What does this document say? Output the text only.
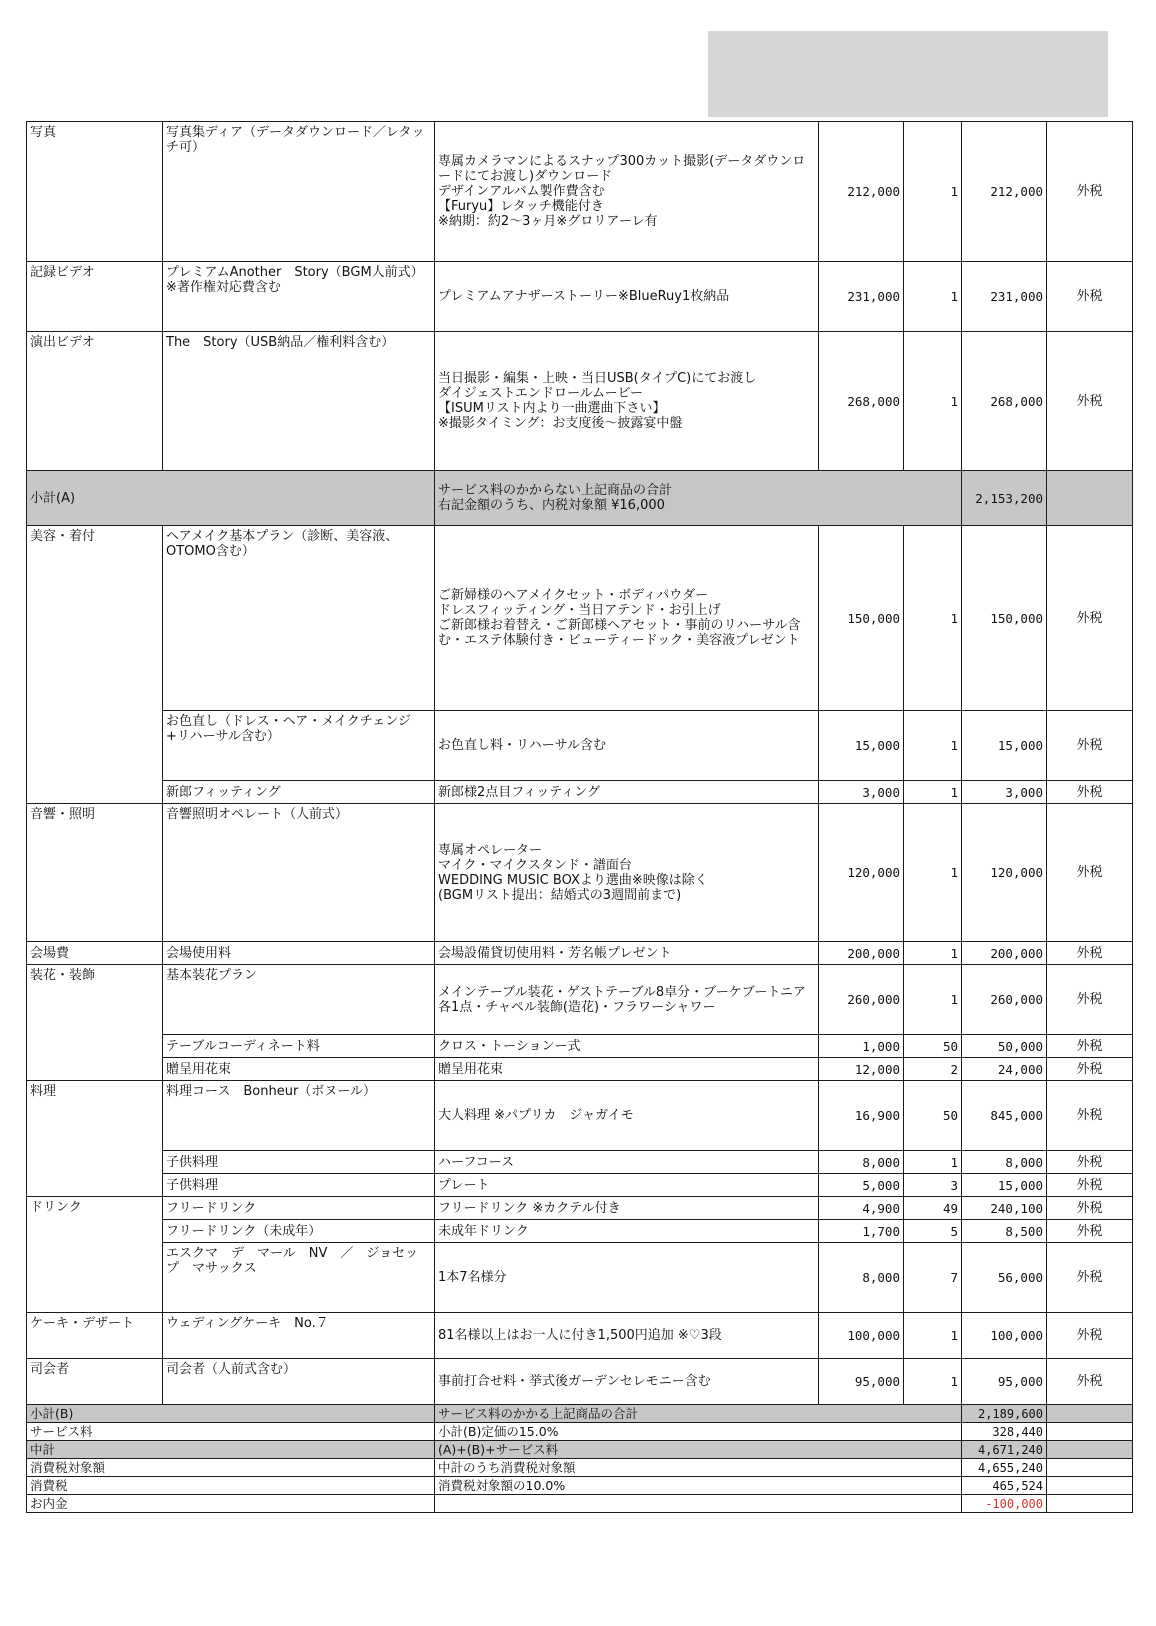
写真	写真集ディア（データダウンロード／レタッチ可）	専属カメラマンによるスナップ300カット撮影(データダウンロードにてお渡し)ダウンロード
デザインアルバム製作費含む
【Furyu】レタッチ機能付き
※納期：約2～3ヶ月※グロリアーレ有	212,000	1	212,000	外税
記録ビデオ	プレミアムAnother　Story（BGM人前式）※著作権対応費含む	プレミアムアナザーストーリー※BlueRuy1枚納品	231,000	1	231,000	外税
演出ビデオ	The　Story（USB納品／権利料含む）	当日撮影・編集・上映・当日USB(タイプC)にてお渡し
ダイジェストエンドロールムービー
【ISUMリスト内より一曲選曲下さい】
※撮影タイミング：お支度後～披露宴中盤	268,000	1	268,000	外税
小計(A)		サービス料のかからない上記商品の合計
右記金額のうち、内税対象額 ¥16,000			2,153,200	
美容・着付	ヘアメイク基本プラン（診断、美容液、OTOMO含む）	ご新婦様のヘアメイクセット・ボディパウダー
ドレスフィッティング・当日アテンド・お引上げ
ご新郎様お着替え・ご新郎様ヘアセット・事前のリハーサル含む・エステ体験付き・ビューティードック・美容液プレゼント	150,000	1	150,000	外税
	お色直し（ドレス・ヘア・メイクチェンジ+リハーサル含む）	お色直し料・リハーサル含む	15,000	1	15,000	外税
	新郎フィッティング	新郎様2点目フィッティング	3,000	1	3,000	外税
音響・照明	音響照明オペレート（人前式）	専属オペレーター
マイク・マイクスタンド・譜面台
WEDDING MUSIC BOXより選曲※映像は除く
(BGMリスト提出：結婚式の3週間前まで)	120,000	1	120,000	外税
会場費	会場使用料	会場設備貸切使用料・芳名帳プレゼント	200,000	1	200,000	外税
装花・装飾	基本装花プラン	メインテーブル装花・ゲストテーブル8卓分・ブーケブートニア各1点・チャペル装飾(造花)・フラワーシャワー	260,000	1	260,000	外税
	テーブルコーディネート料	クロス・トーションー式	1,000	50	50,000	外税
	贈呈用花束	贈呈用花束	12,000	2	24,000	外税
料理	料理コース　Bonheur（ボヌール）	大人料理 ※パプリカ　ジャガイモ	16,900	50	845,000	外税
	子供料理	ハーフコース	8,000	1	8,000	外税
	子供料理	プレート	5,000	3	15,000	外税
ドリンク	フリードリンク	フリードリンク ※カクテル付き	4,900	49	240,100	外税
	フリードリンク（未成年）	未成年ドリンク	1,700	5	8,500	外税
	エスクマ　デ　マール　NV　／　ジョセップ　マサックス	1本7名様分	8,000	7	56,000	外税
ケーキ・デザート	ウェディングケーキ　No.７	81名様以上はお一人に付き1,500円追加 ※♡3段	100,000	1	100,000	外税
司会者	司会者（人前式含む）	事前打合せ料・挙式後ガーデンセレモニー含む	95,000	1	95,000	外税
小計(B)		サービス料のかかる上記商品の合計			2,189,600	
サービス料		小計(B)定価の15.0%			328,440	
中計		(A)+(B)+サービス料			4,671,240	
消費税対象額		中計のうち消費税対象額			4,655,240	
消費税		消費税対象額の10.0%			465,524	
お内金					-100,000	
